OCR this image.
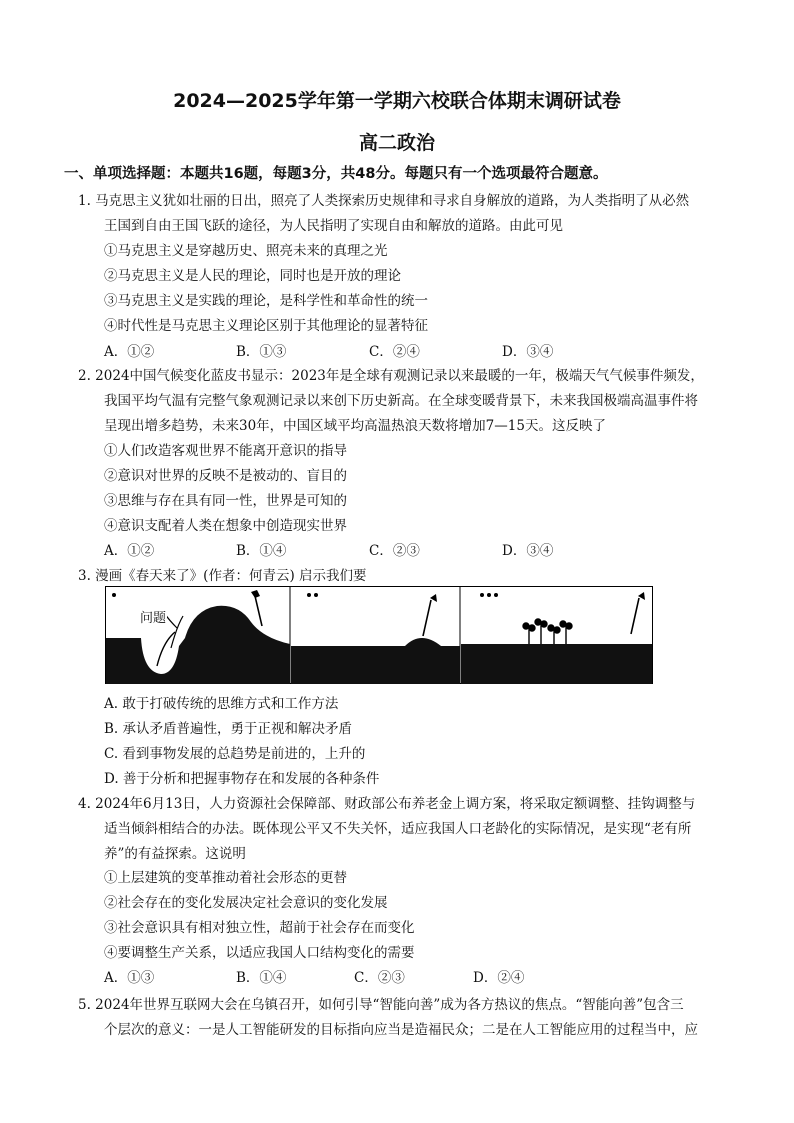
2024—2025学年第一学期六校联合体期末调研试卷
高二政治
一、单项选择题：本题共16题，每题3分，共48分。每题只有一个选项最符合题意。
1. 马克思主义犹如壮丽的日出，照亮了人类探索历史规律和寻求自身解放的道路，为人类指明了从必然
王国到自由王国飞跃的途径，为人民指明了实现自由和解放的道路。由此可见
①马克思主义是穿越历史、照亮未来的真理之光
②马克思主义是人民的理论，同时也是开放的理论
③马克思主义是实践的理论，是科学性和革命性的统一
④时代性是马克思主义理论区别于其他理论的显著特征
A．①②	B．①③	C．②④	D．③④
2. 2024中国气候变化蓝皮书显示：2023年是全球有观测记录以来最暖的一年，极端天气气候事件频发，
我国平均气温有完整气象观测记录以来创下历史新高。在全球变暖背景下，未来我国极端高温事件将
呈现出增多趋势，未来30年，中国区域平均高温热浪天数将增加7—15天。这反映了
①人们改造客观世界不能离开意识的指导
②意识对世界的反映不是被动的、盲目的
③思维与存在具有同一性，世界是可知的
④意识支配着人类在想象中创造现实世界
A．①②	B．①④	C．②③	D．③④
3. 漫画《春天来了》(作者：何青云) 启示我们要
问题
A. 敢于打破传统的思维方式和工作方法
B. 承认矛盾普遍性，勇于正视和解决矛盾
C. 看到事物发展的总趋势是前进的，上升的
D. 善于分析和把握事物存在和发展的各种条件
4. 2024年6月13日，人力资源社会保障部、财政部公布养老金上调方案，将采取定额调整、挂钩调整与
适当倾斜相结合的办法。既体现公平又不失关怀，适应我国人口老龄化的实际情况，是实现“老有所
养”的有益探索。这说明
①上层建筑的变革推动着社会形态的更替
②社会存在的变化发展决定社会意识的变化发展
③社会意识具有相对独立性，超前于社会存在而变化
④要调整生产关系，以适应我国人口结构变化的需要
A．①③	B．①④	C．②③	D．②④
5. 2024年世界互联网大会在乌镇召开，如何引导“智能向善”成为各方热议的焦点。“智能向善”包含三
个层次的意义：一是人工智能研发的目标指向应当是造福民众；二是在人工智能应用的过程当中，应
